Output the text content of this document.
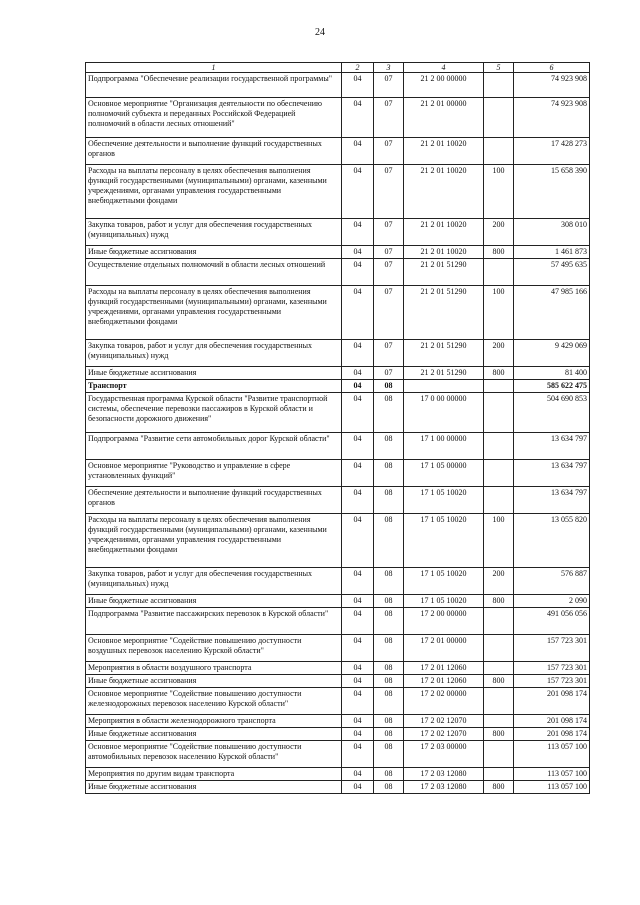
24
1	2	3	4	5	6
Подпрограмма "Обеспечение реализации государственной программы"	04	07	21 2 00 00000		74 923 908
Основное мероприятие "Организация деятельности по обеспечению полномочий субъекта и переданных Российской Федерацией полномочий в области лесных отношений"	04	07	21 2 01 00000		74 923 908
Обеспечение деятельности и выполнение функций государственных органов	04	07	21 2 01 10020		17 428 273
Расходы на выплаты персоналу в целях обеспечения выполнения функций государственными (муниципальными) органами, казенными учреждениями, органами управления государственными внебюджетными фондами	04	07	21 2 01 10020	100	15 658 390
Закупка товаров, работ и услуг для обеспечения государственных (муниципальных) нужд	04	07	21 2 01 10020	200	308 010
Иные бюджетные ассигнования	04	07	21 2 01 10020	800	1 461 873
Осуществление отдельных полномочий в области лесных отношений	04	07	21 2 01 51290		57 495 635
Расходы на выплаты персоналу в целях обеспечения выполнения функций государственными (муниципальными) органами, казенными учреждениями, органами управления государственными внебюджетными фондами	04	07	21 2 01 51290	100	47 985 166
Закупка товаров, работ и услуг для обеспечения государственных (муниципальных) нужд	04	07	21 2 01 51290	200	9 429 069
Иные бюджетные ассигнования	04	07	21 2 01 51290	800	81 400
Транспорт	04	08			585 622 475
Государственная программа Курской области "Развитие транспортной системы, обеспечение перевозки пассажиров в Курской области и безопасности дорожного движения"	04	08	17 0 00 00000		504 690 853
Подпрограмма "Развитие сети автомобильных дорог Курской области"	04	08	17 1 00 00000		13 634 797
Основное мероприятие "Руководство и управление в сфере установленных функций"	04	08	17 1 05 00000		13 634 797
Обеспечение деятельности и выполнение функций государственных органов	04	08	17 1 05 10020		13 634 797
Расходы на выплаты персоналу в целях обеспечения выполнения функций государственными (муниципальными) органами, казенными учреждениями, органами управления государственными внебюджетными фондами	04	08	17 1 05 10020	100	13 055 820
Закупка товаров, работ и услуг для обеспечения государственных (муниципальных) нужд	04	08	17 1 05 10020	200	576 887
Иные бюджетные ассигнования	04	08	17 1 05 10020	800	2 090
Подпрограмма "Развитие пассажирских перевозок в Курской области"	04	08	17 2 00 00000		491 056 056
Основное мероприятие "Содействие повышению доступности воздушных перевозок населению Курской области"	04	08	17 2 01 00000		157 723 301
Мероприятия в области воздушного транспорта	04	08	17 2 01 12060		157 723 301
Иные бюджетные ассигнования	04	08	17 2 01 12060	800	157 723 301
Основное мероприятие "Содействие повышению доступности железнодорожных перевозок населению Курской области"	04	08	17 2 02 00000		201 098 174
Мероприятия в области железнодорожного транспорта	04	08	17 2 02 12070		201 098 174
Иные бюджетные ассигнования	04	08	17 2 02 12070	800	201 098 174
Основное мероприятие "Содействие повышению доступности автомобильных перевозок населению Курской области"	04	08	17 2 03 00000		113 057 100
Мероприятия по другим видам транспорта	04	08	17 2 03 12080		113 057 100
Иные бюджетные ассигнования	04	08	17 2 03 12080	800	113 057 100
